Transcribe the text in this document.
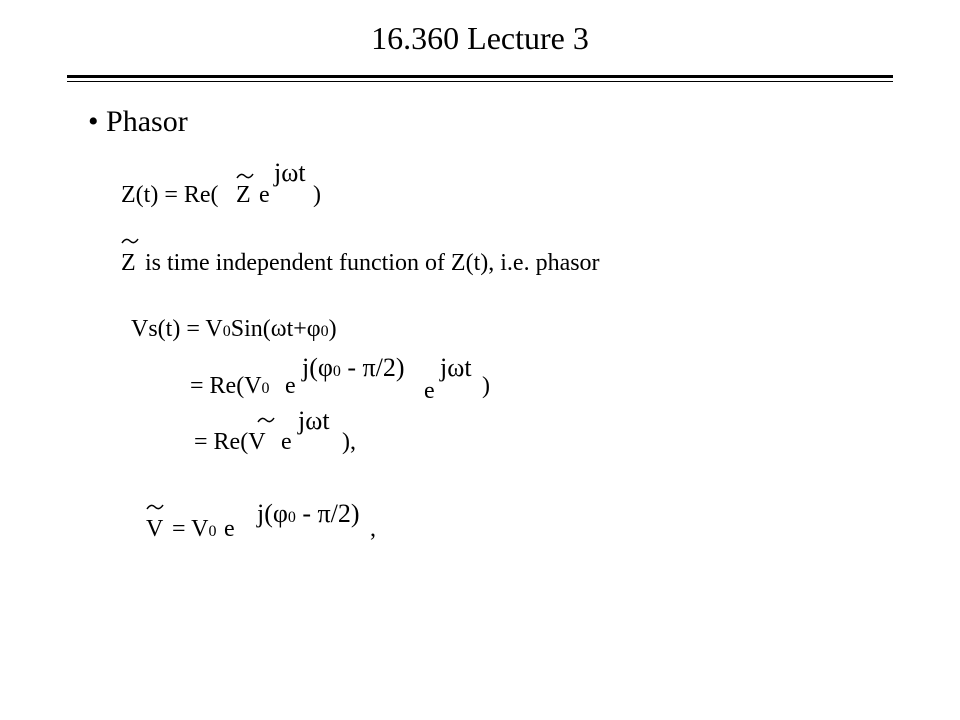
16.360 Lecture 3
• Phasor
Z(t) = Re( Z e
jωt
)
Z is time independent function of Z(t), i.e. phasor
Vs(t) = V0Sin(ωt+φ0)
= Re(V0 e
j(φ0 - π/2)
e
jωt
)
= Re(V e
jωt
),
V = V0 e
j(φ0 - π/2)
,
